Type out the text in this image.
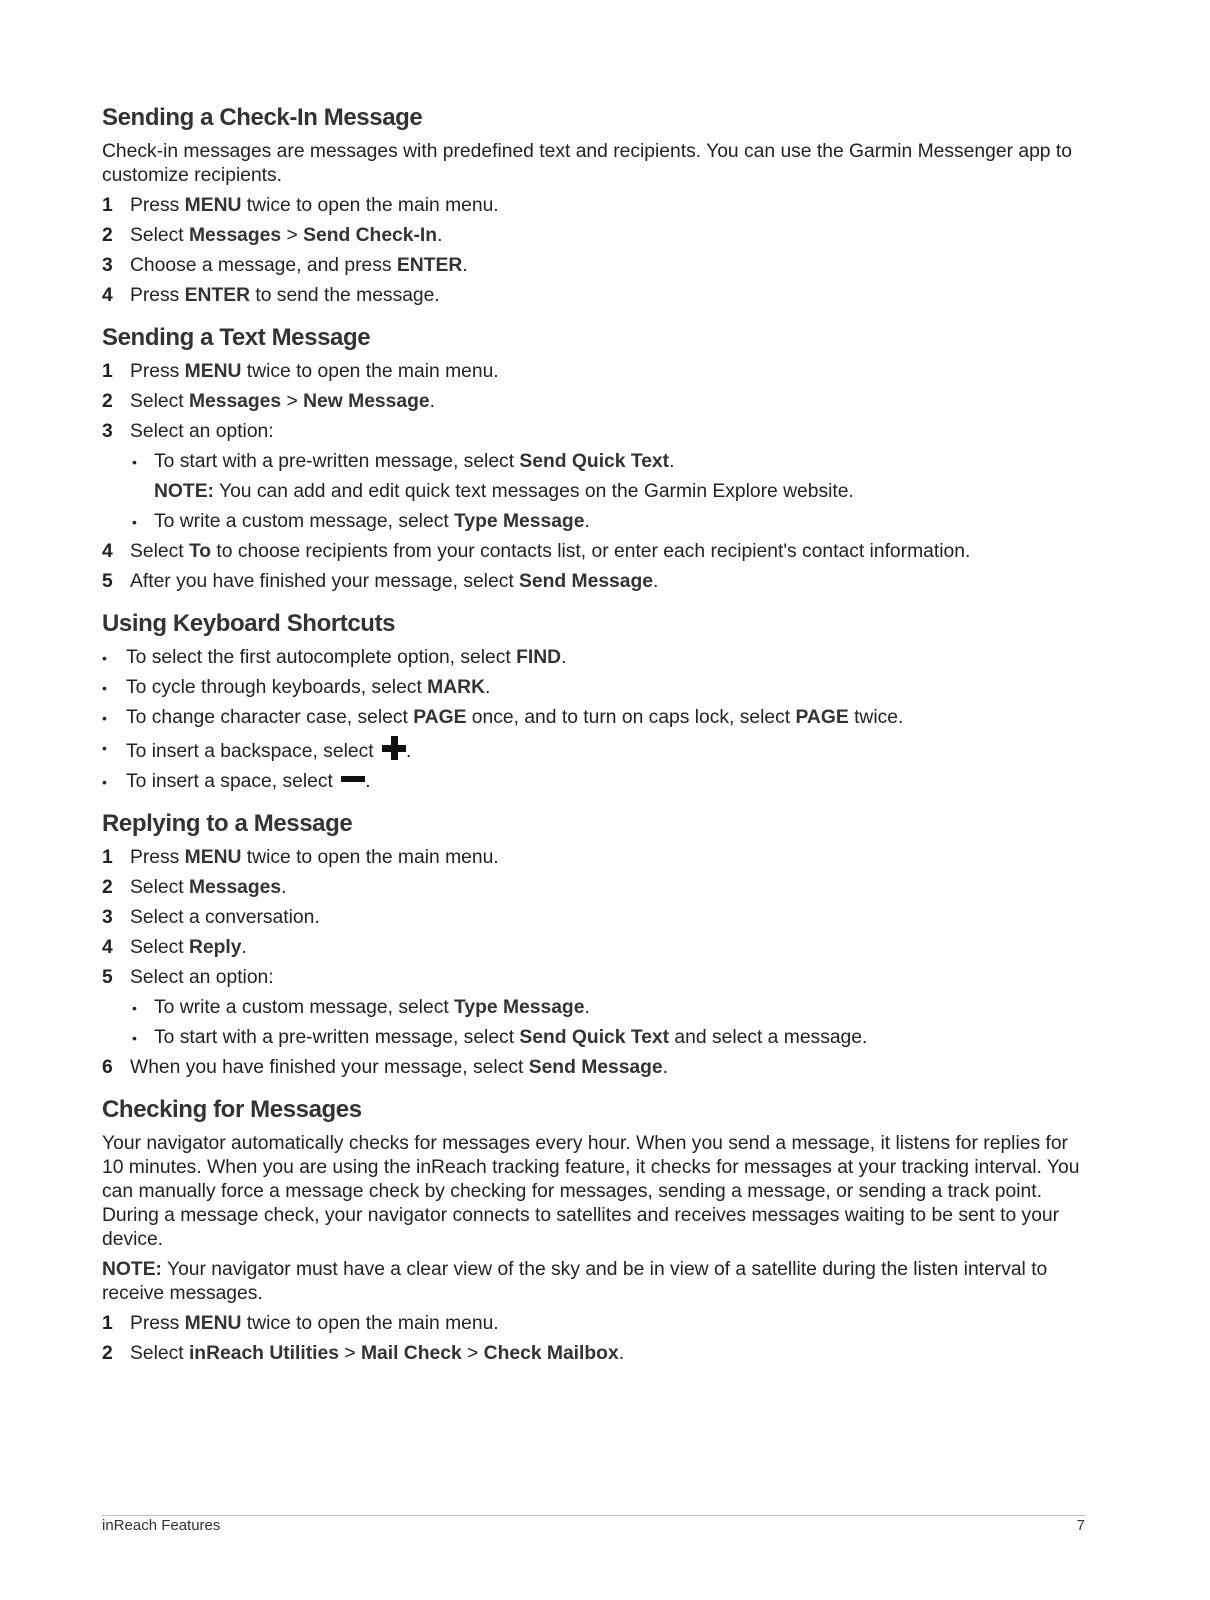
Sending a Check-In Message

Check-in messages are messages with predefined text and recipients. You can use the Garmin Messenger app to customize recipients.

1 Press MENU twice to open the main menu.
2 Select Messages > Send Check-In.
3 Choose a message, and press ENTER.
4 Press ENTER to send the message.
Sending a Text Message
1 Press MENU twice to open the main menu.
2 Select Messages > New Message.
3 Select an option:
• To start with a pre-written message, select Send Quick Text.
NOTE: You can add and edit quick text messages on the Garmin Explore website.
• To write a custom message, select Type Message.
4 Select To to choose recipients from your contacts list, or enter each recipient's contact information.
5 After you have finished your message, select Send Message.
Using Keyboard Shortcuts
• To select the first autocomplete option, select FIND.
• To cycle through keyboards, select MARK.
• To change character case, select PAGE once, and to turn on caps lock, select PAGE twice.
• To insert a backspace, select .
• To insert a space, select .
Replying to a Message
1 Press MENU twice to open the main menu.
2 Select Messages.
3 Select a conversation.
4 Select Reply.
5 Select an option:
• To write a custom message, select Type Message.
• To start with a pre-written message, select Send Quick Text and select a message.
6 When you have finished your message, select Send Message.
Checking for Messages

Your navigator automatically checks for messages every hour. When you send a message, it listens for replies for 10 minutes. When you are using the inReach tracking feature, it checks for messages at your tracking interval. You can manually force a message check by checking for messages, sending a message, or sending a track point. During a message check, your navigator connects to satellites and receives messages waiting to be sent to your device.

NOTE: Your navigator must have a clear view of the sky and be in view of a satellite during the listen interval to receive messages.

1 Press MENU twice to open the main menu.
2 Select inReach Utilities > Mail Check > Check Mailbox.
inReach Features	7
